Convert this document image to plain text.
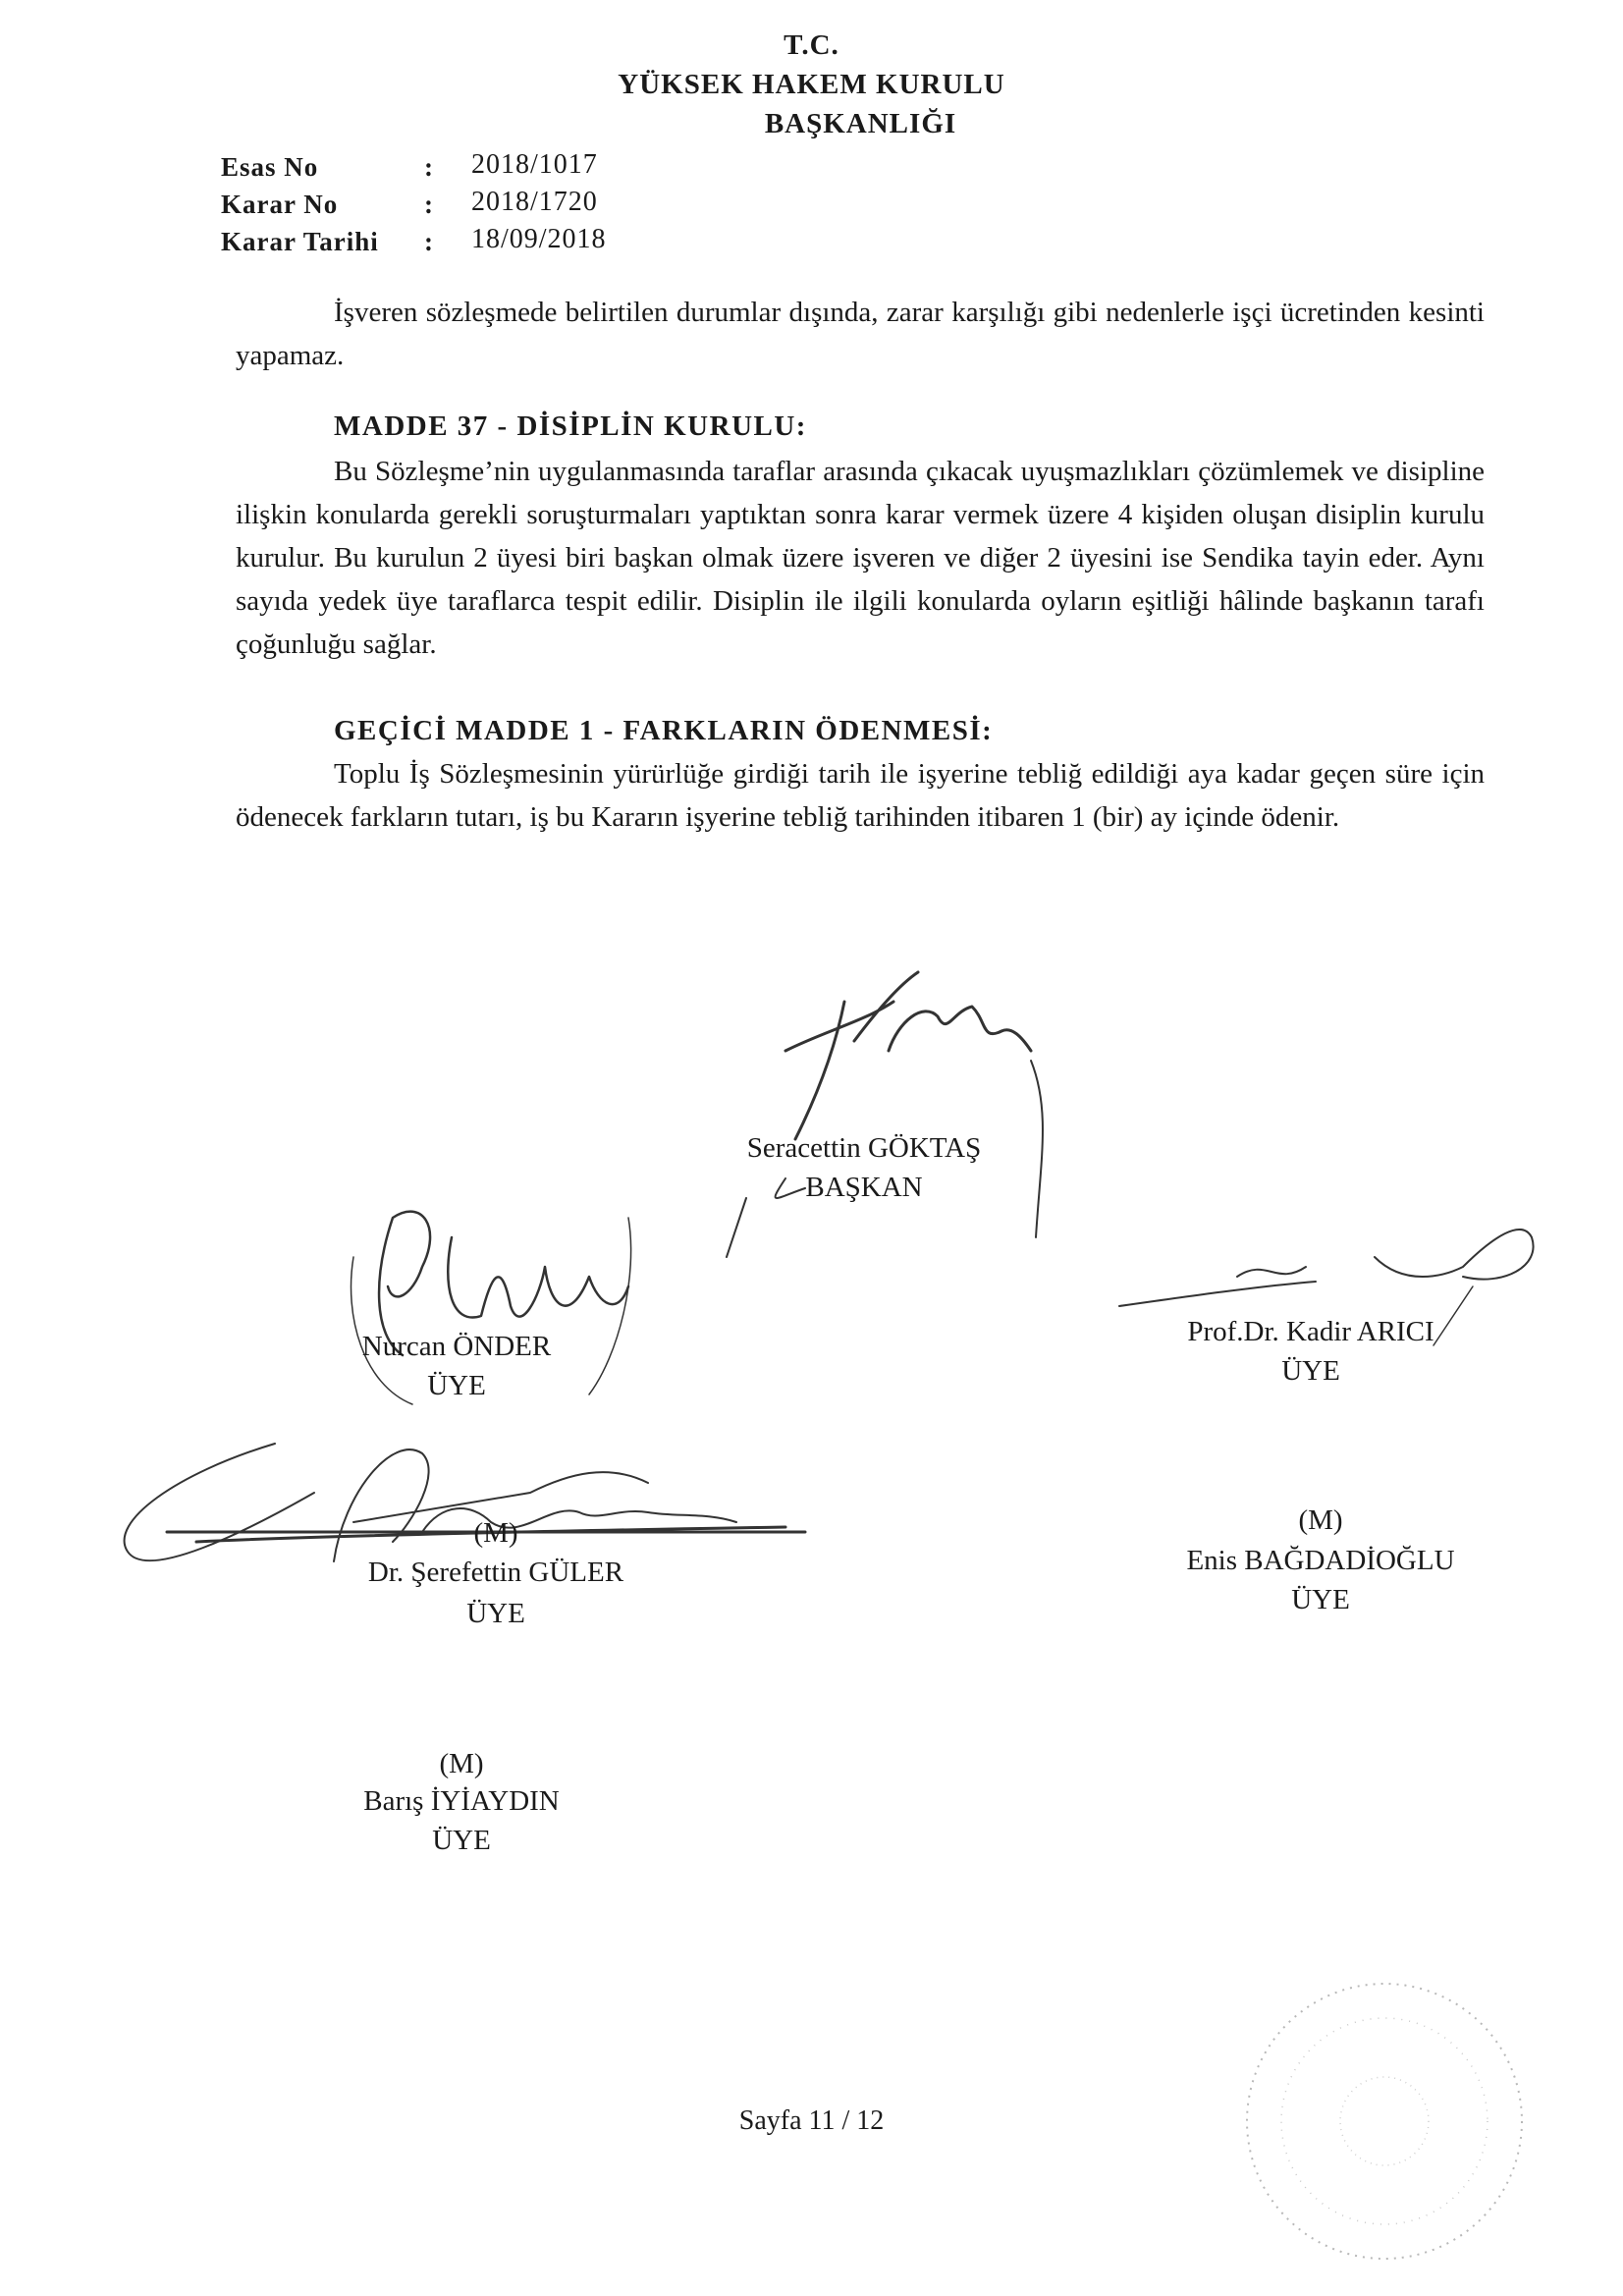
T.C.
YÜKSEK HAKEM KURULU
BAŞKANLIĞI
Esas No	: 2018/1017
Karar No	: 2018/1720
Karar Tarihi	: 18/09/2018

İşveren sözleşmede belirtilen durumlar dışında, zarar karşılığı gibi nedenlerle işçi ücretinden kesinti yapamaz.

MADDE 37 - DİSİPLİN KURULU:

Bu Sözleşme’nin uygulanmasında taraflar arasında çıkacak uyuşmazlıkları çözümlemek ve disipline ilişkin konularda gerekli soruşturmaları yaptıktan sonra karar vermek üzere 4 kişiden oluşan disiplin kurulu kurulur. Bu kurulun 2 üyesi biri başkan olmak üzere işveren ve diğer 2 üyesini ise Sendika tayin eder. Aynı sayıda yedek üye taraflarca tespit edilir. Disiplin ile ilgili konularda oyların eşitliği hâlinde başkanın tarafı çoğunluğu sağlar.

GEÇİCİ MADDE 1 - FARKLARIN ÖDENMESİ:

Toplu İş Sözleşmesinin yürürlüğe girdiği tarih ile işyerine tebliğ edildiği aya kadar geçen süre için ödenecek farkların tutarı, iş bu Kararın işyerine tebliğ tarihinden itibaren 1 (bir) ay içinde ödenir.

Seracettin GÖKTAŞ
BAŞKAN
Nurcan ÖNDER
ÜYE
Prof.Dr. Kadir ARICI
ÜYE
(M)
Dr. Şerefettin GÜLER
ÜYE
(M)
Enis BAĞDADİOĞLU
ÜYE
(M)
Barış İYİAYDIN
ÜYE
Sayfa 11 / 12
